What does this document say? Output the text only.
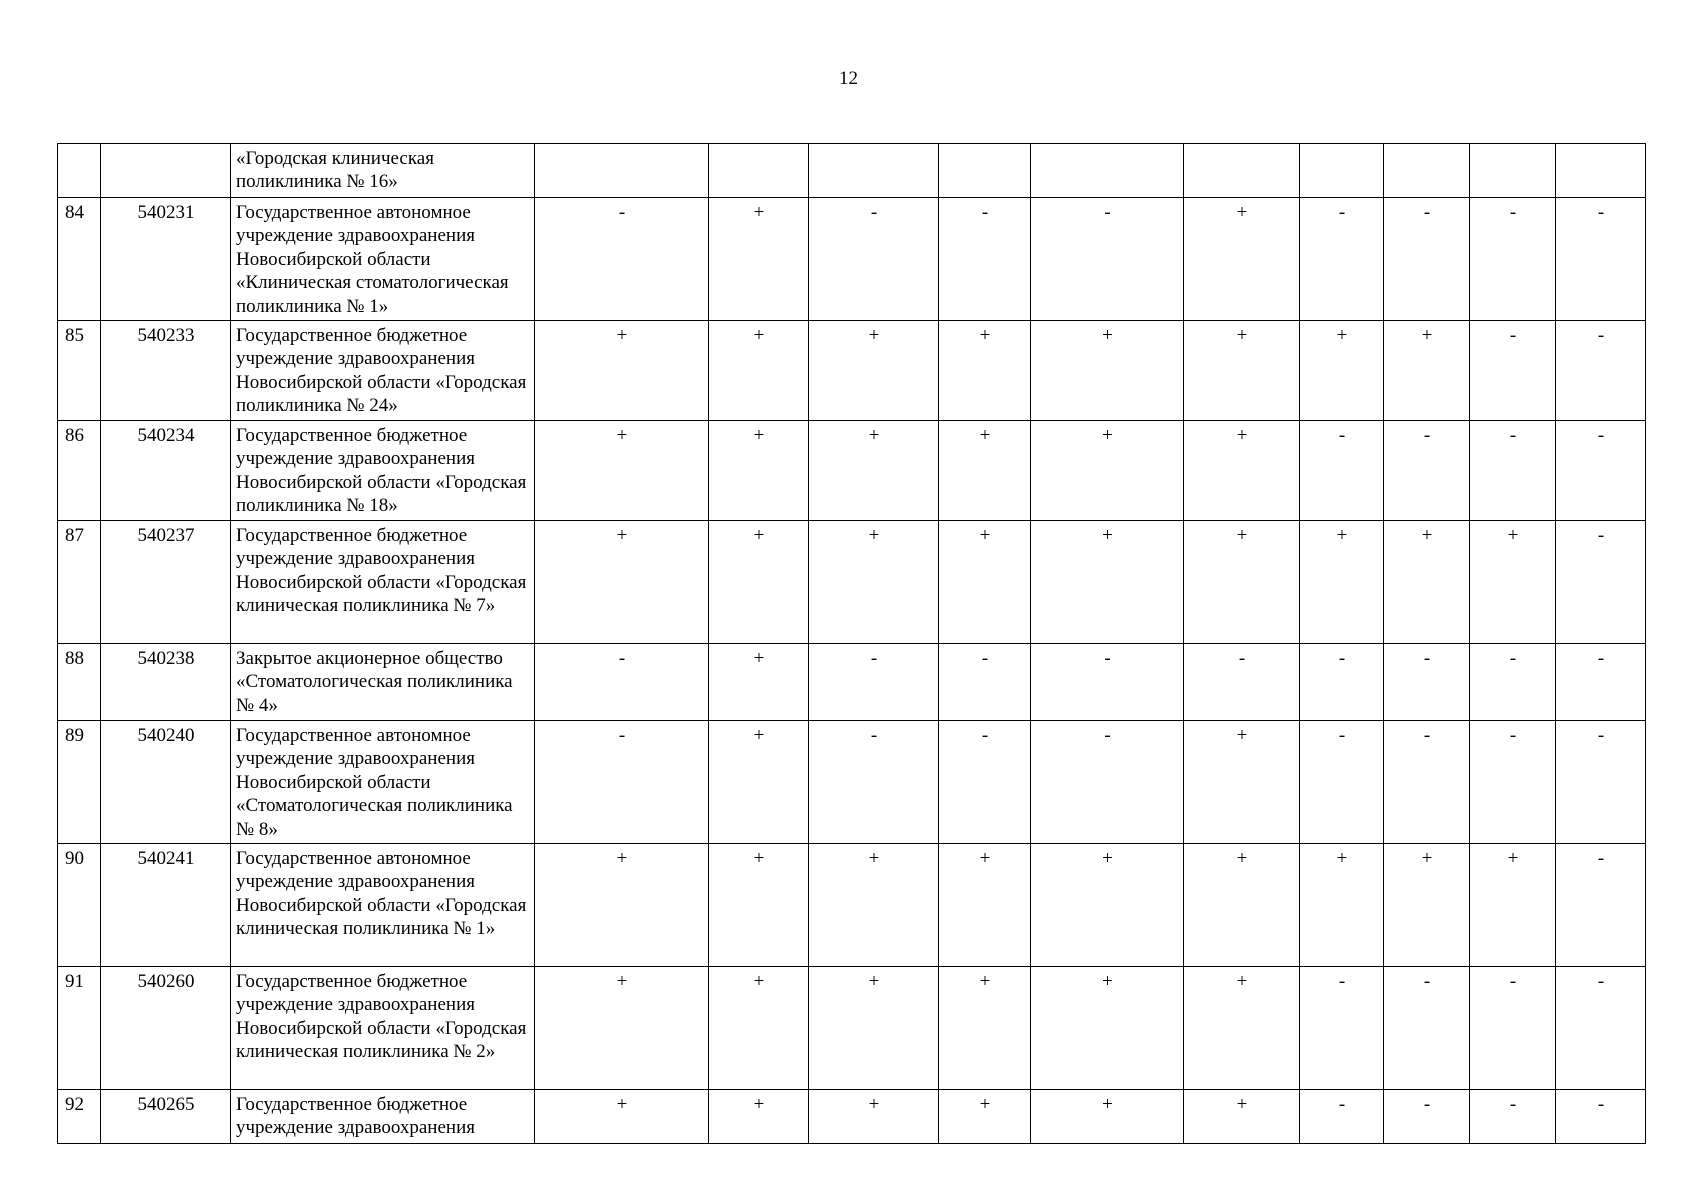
12
		«Городская клиническая поликлиника № 16»										
84	540231	Государственное автономное учреждение здравоохранения Новосибирской области «Клиническая стоматологическая поликлиника № 1»	-	+	-	-	-	+	-	-	-	-
85	540233	Государственное бюджетное учреждение здравоохранения Новосибирской области «Городская поликлиника № 24»	+	+	+	+	+	+	+	+	-	-
86	540234	Государственное бюджетное учреждение здравоохранения Новосибирской области «Городская поликлиника № 18»	+	+	+	+	+	+	-	-	-	-
87	540237	Государственное бюджетное учреждение здравоохранения Новосибирской области «Городская клиническая поликлиника № 7»	+	+	+	+	+	+	+	+	+	-
88	540238	Закрытое акционерное общество «Стоматологическая поликлиника № 4»	-	+	-	-	-	-	-	-	-	-
89	540240	Государственное автономное учреждение здравоохранения Новосибирской области «Стоматологическая поликлиника № 8»	-	+	-	-	-	+	-	-	-	-
90	540241	Государственное автономное учреждение здравоохранения Новосибирской области «Городская клиническая поликлиника № 1»	+	+	+	+	+	+	+	+	+	-
91	540260	Государственное бюджетное учреждение здравоохранения Новосибирской области «Городская клиническая поликлиника № 2»	+	+	+	+	+	+	-	-	-	-
92	540265	Государственное бюджетное учреждение здравоохранения	+	+	+	+	+	+	-	-	-	-
